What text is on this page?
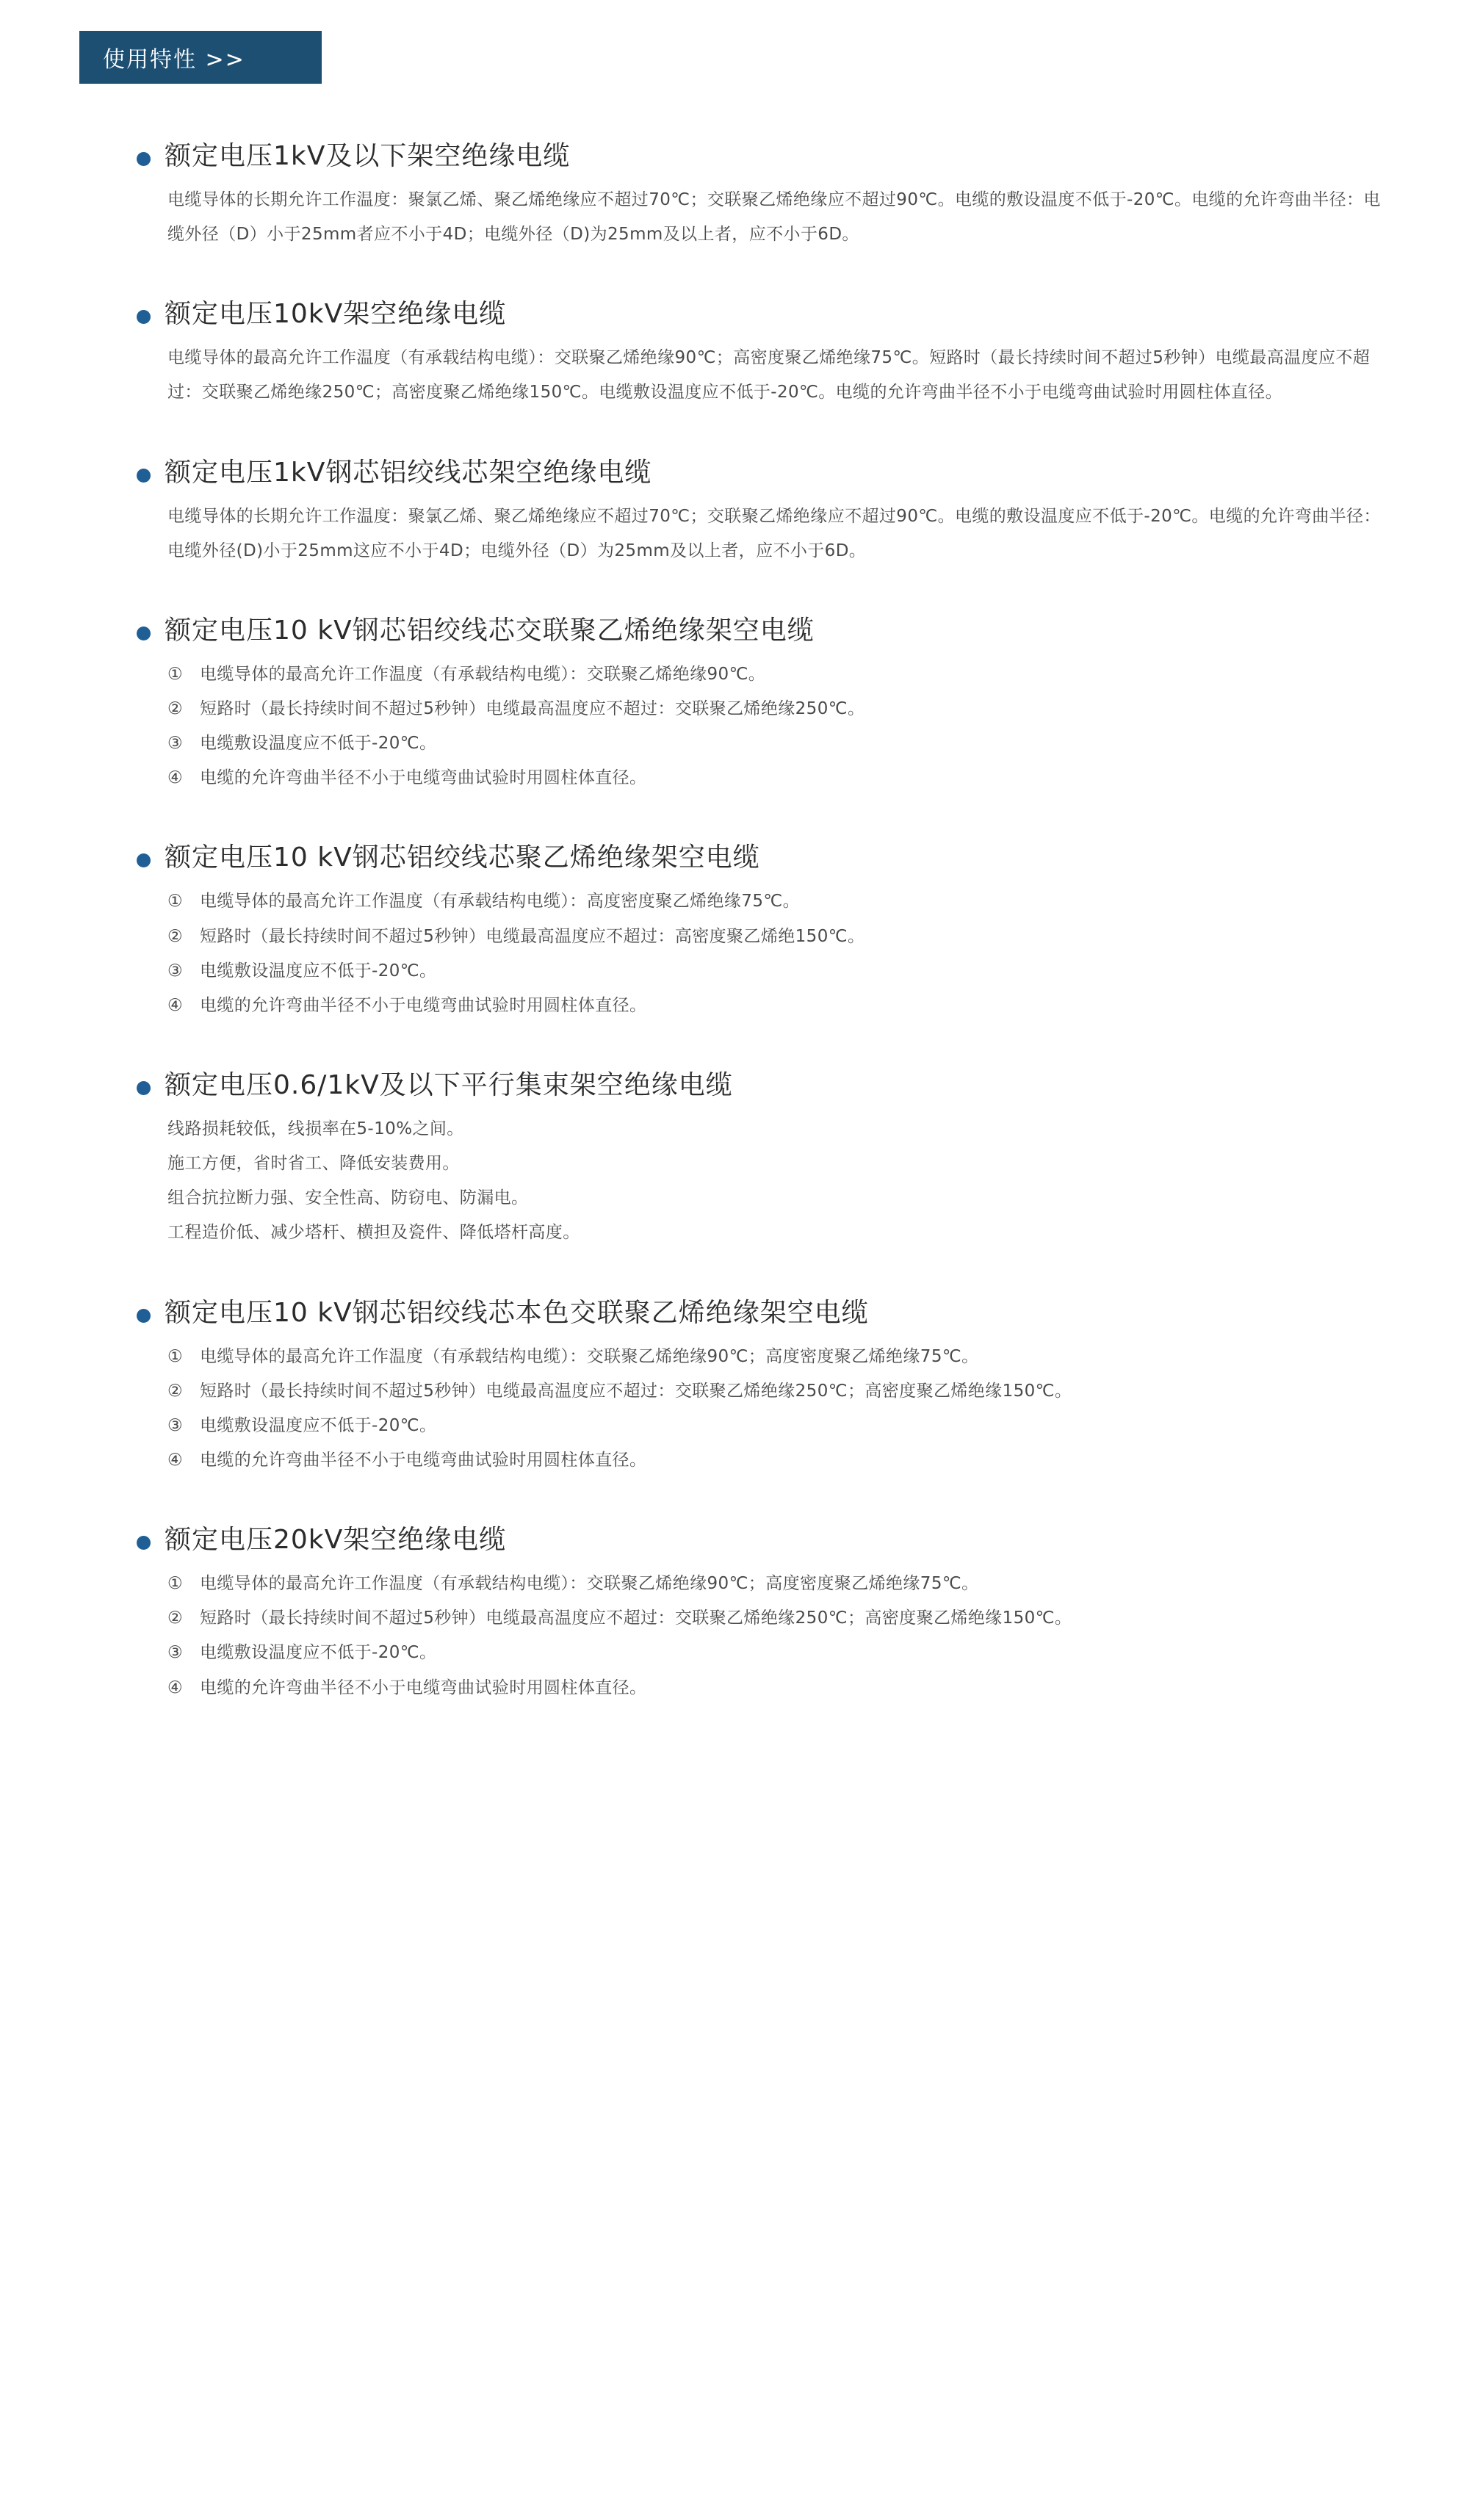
使用特性 >>
额定电压1kV及以下架空绝缘电缆

电缆导体的长期允许工作温度：聚氯乙烯、聚乙烯绝缘应不超过70℃；交联聚乙烯绝缘应不超过90℃。电缆的敷设温度不低于-20℃。电缆的允许弯曲半径：电缆外径（D）小于25mm者应不小于4D；电缆外径（D)为25mm及以上者，应不小于6D。

额定电压10kV架空绝缘电缆

电缆导体的最高允许工作温度（有承载结构电缆）：交联聚乙烯绝缘90℃；高密度聚乙烯绝缘75℃。短路时（最长持续时间不超过5秒钟）电缆最高温度应不超过：交联聚乙烯绝缘250℃；高密度聚乙烯绝缘150℃。电缆敷设温度应不低于-20℃。电缆的允许弯曲半径不小于电缆弯曲试验时用圆柱体直径。

额定电压1kV钢芯铝绞线芯架空绝缘电缆

电缆导体的长期允许工作温度：聚氯乙烯、聚乙烯绝缘应不超过70℃；交联聚乙烯绝缘应不超过90℃。电缆的敷设温度应不低于-20℃。电缆的允许弯曲半径：电缆外径(D)小于25mm这应不小于4D；电缆外径（D）为25mm及以上者，应不小于6D。

额定电压10 kV钢芯铝绞线芯交联聚乙烯绝缘架空电缆
① 电缆导体的最高允许工作温度（有承载结构电缆）：交联聚乙烯绝缘90℃。
② 短路时（最长持续时间不超过5秒钟）电缆最高温度应不超过：交联聚乙烯绝缘250℃。
③ 电缆敷设温度应不低于-20℃。
④ 电缆的允许弯曲半径不小于电缆弯曲试验时用圆柱体直径。
额定电压10 kV钢芯铝绞线芯聚乙烯绝缘架空电缆
① 电缆导体的最高允许工作温度（有承载结构电缆）：高度密度聚乙烯绝缘75℃。
② 短路时（最长持续时间不超过5秒钟）电缆最高温度应不超过：高密度聚乙烯绝150℃。
③ 电缆敷设温度应不低于-20℃。
④ 电缆的允许弯曲半径不小于电缆弯曲试验时用圆柱体直径。
额定电压0.6/1kV及以下平行集束架空绝缘电缆

线路损耗较低，线损率在5-10%之间。

施工方便，省时省工、降低安装费用。

组合抗拉断力强、安全性高、防窃电、防漏电。

工程造价低、减少塔杆、横担及瓷件、降低塔杆高度。

额定电压10 kV钢芯铝绞线芯本色交联聚乙烯绝缘架空电缆
① 电缆导体的最高允许工作温度（有承载结构电缆）：交联聚乙烯绝缘90℃；高度密度聚乙烯绝缘75℃。
② 短路时（最长持续时间不超过5秒钟）电缆最高温度应不超过：交联聚乙烯绝缘250℃；高密度聚乙烯绝缘150℃。
③ 电缆敷设温度应不低于-20℃。
④ 电缆的允许弯曲半径不小于电缆弯曲试验时用圆柱体直径。
额定电压20kV架空绝缘电缆
① 电缆导体的最高允许工作温度（有承载结构电缆）：交联聚乙烯绝缘90℃；高度密度聚乙烯绝缘75℃。
② 短路时（最长持续时间不超过5秒钟）电缆最高温度应不超过：交联聚乙烯绝缘250℃；高密度聚乙烯绝缘150℃。
③ 电缆敷设温度应不低于-20℃。
④ 电缆的允许弯曲半径不小于电缆弯曲试验时用圆柱体直径。
